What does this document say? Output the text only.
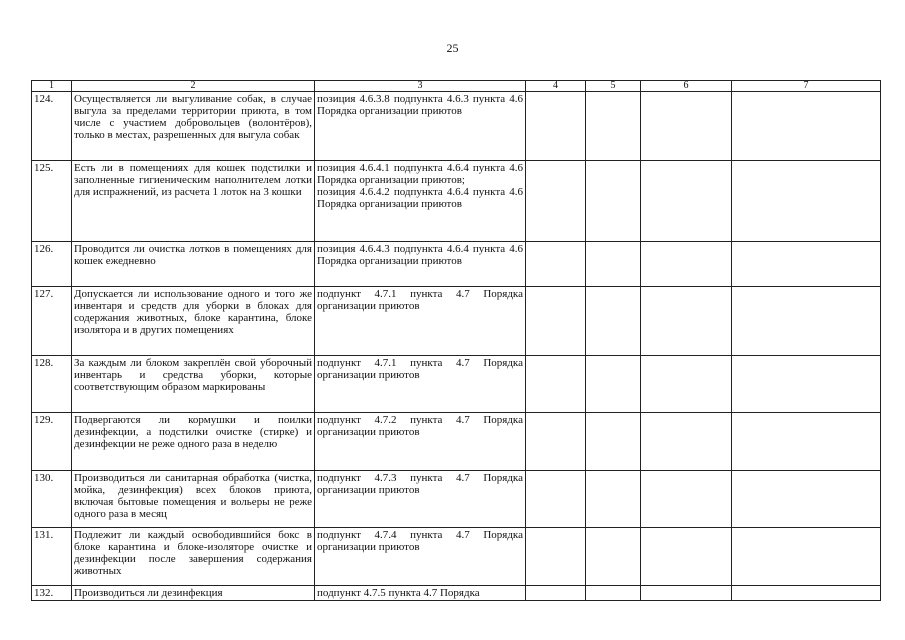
25
1	2	3	4	5	6	7
124.	Осуществляется ли выгуливание собак, в случае выгула за пределами территории приюта, в том числе с участием добровольцев (волонтёров), только в местах, разрешенных для выгула собак	позиция 4.6.3.8 подпункта 4.6.3 пункта 4.6 Порядка организации приютов				

125.	Есть ли в помещениях для кошек подстилки и заполненные гигиеническим наполнителем лотки для испражнений, из расчета 1 лоток на 3 кошки	позиция 4.6.4.1 подпункта 4.6.4 пункта 4.6 Порядка организации приютов;
позиция 4.6.4.2 подпункта 4.6.4 пункта 4.6 Порядка организации приютов				

126.	Проводится ли очистка лотков в помещениях для кошек ежедневно	позиция 4.6.4.3 подпункта 4.6.4 пункта 4.6 Порядка организации приютов				

127.	Допускается ли использование одного и того же инвентаря и средств для уборки в блоках для содержания животных, блоке карантина, блоке изолятора и в других помещениях	подпункт 4.7.1 пункта 4.7 Порядка организации приютов				

128.	За каждым ли блоком закреплён свой уборочный инвентарь и средства уборки, которые соответствующим образом маркированы	подпункт 4.7.1 пункта 4.7 Порядка организации приютов				

129.	Подвергаются ли кормушки и поилки дезинфекции, а подстилки очистке (стирке) и дезинфекции не реже одного раза в неделю	подпункт 4.7.2 пункта 4.7 Порядка организации приютов				

130.	Производиться ли санитарная обработка (чистка, мойка, дезинфекция) всех блоков приюта, включая бытовые помещения и вольеры не реже одного раза в месяц	подпункт 4.7.3 пункта 4.7 Порядка организации приютов				

131.	Подлежит ли каждый освободившийся бокс в блоке карантина и блоке-изоляторе очистке и дезинфекции после завершения содержания животных	подпункт 4.7.4 пункта 4.7 Порядка организации приютов				

132.	Производиться ли дезинфекция	подпункт 4.7.5 пункта 4.7 Порядка				
